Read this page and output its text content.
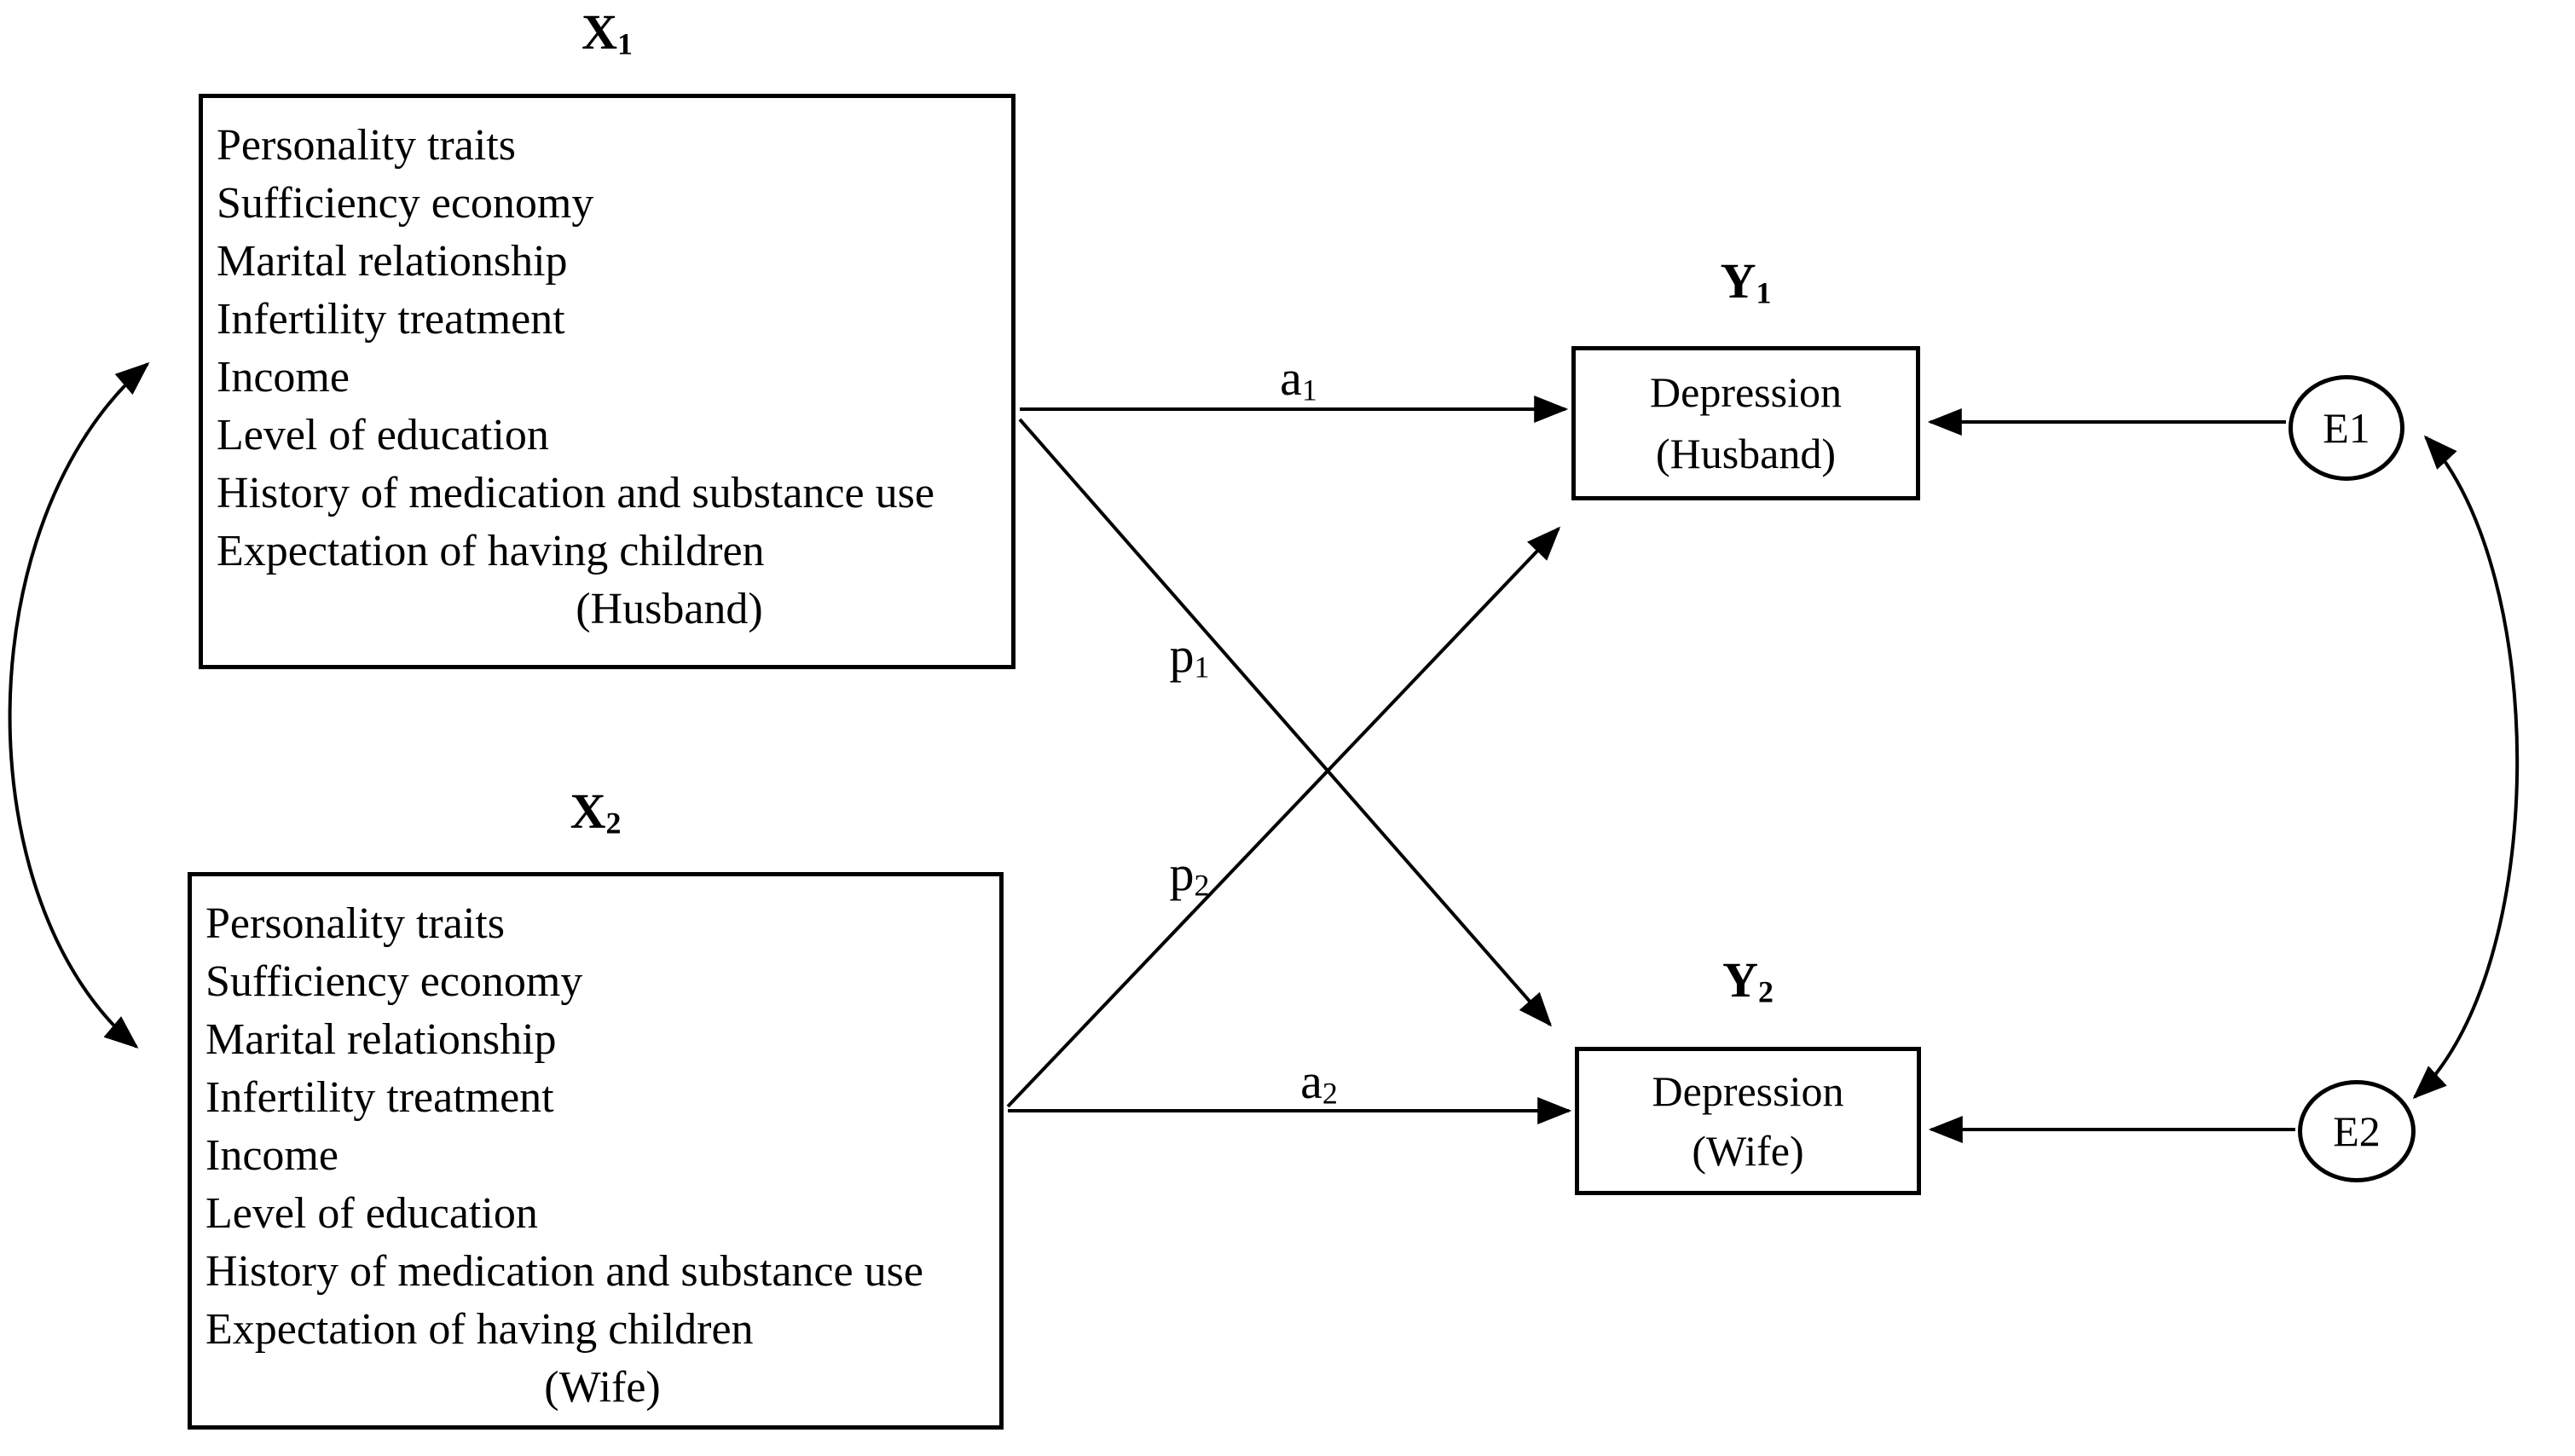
X1
Personality traits
Sufficiency economy
Marital relationship
Infertility treatment
Income
Level of education
History of medication and substance use
Expectation of having children
(Husband)
X2
Personality traits
Sufficiency economy
Marital relationship
Infertility treatment
Income
Level of education
History of medication and substance use
Expectation of having children
(Wife)
Y1
Depression
(Husband)
Y2
Depression
(Wife)
E1
E2
a1
a2
p1
p2
